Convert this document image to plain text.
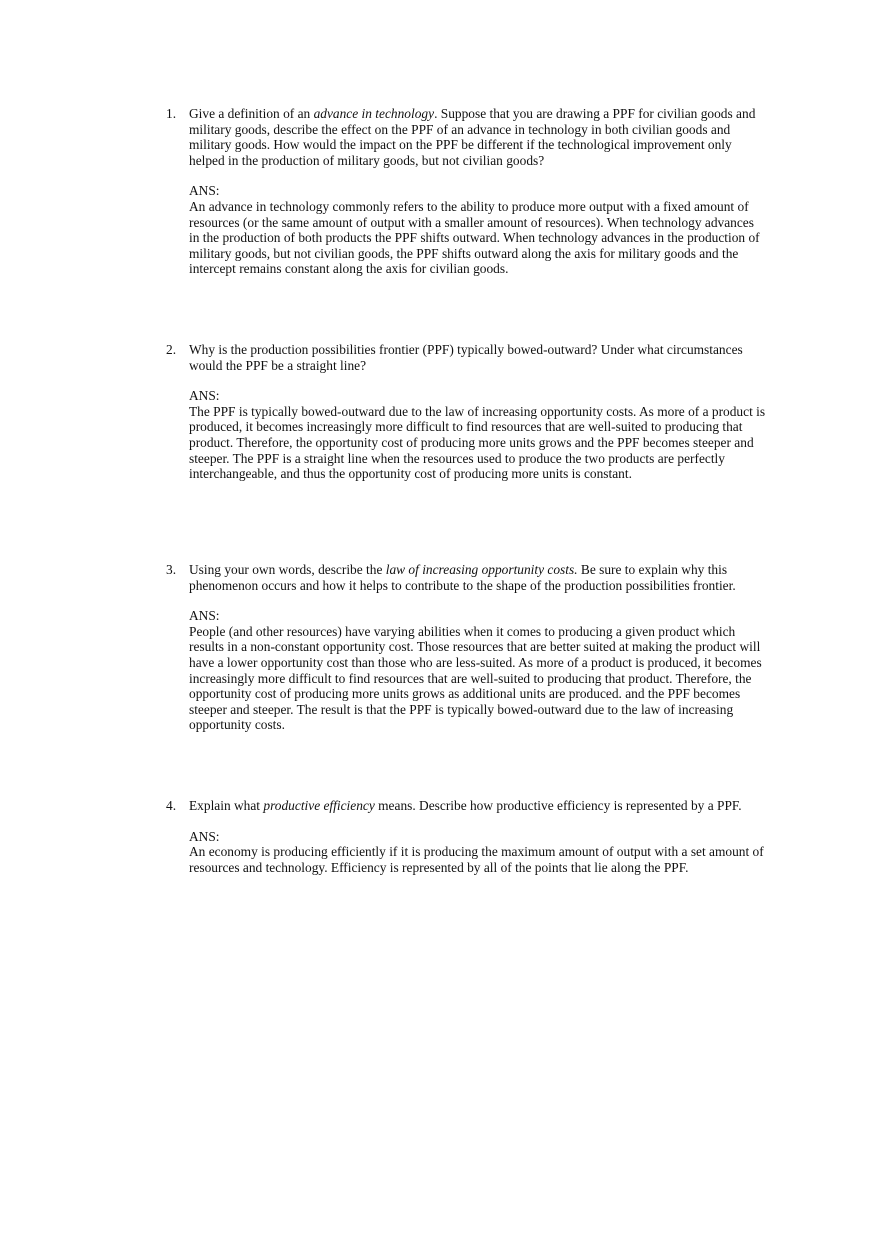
1. Give a definition of an advance in technology. Suppose that you are drawing a PPF for civilian goods and military goods, describe the effect on the PPF of an advance in technology in both civilian goods and military goods. How would the impact on the PPF be different if the technological improvement only helped in the production of military goods, but not civilian goods?
ANS:
An advance in technology commonly refers to the ability to produce more output with a fixed amount of resources (or the same amount of output with a smaller amount of resources). When technology advances in the production of both products the PPF shifts outward. When technology advances in the production of military goods, but not civilian goods, the PPF shifts outward along the axis for military goods and the intercept remains constant along the axis for civilian goods.
2. Why is the production possibilities frontier (PPF) typically bowed-outward? Under what circumstances would the PPF be a straight line?
ANS:
The PPF is typically bowed-outward due to the law of increasing opportunity costs. As more of a product is produced, it becomes increasingly more difficult to find resources that are well-suited to producing that product. Therefore, the opportunity cost of producing more units grows and the PPF becomes steeper and steeper. The PPF is a straight line when the resources used to produce the two products are perfectly interchangeable, and thus the opportunity cost of producing more units is constant.
3. Using your own words, describe the law of increasing opportunity costs. Be sure to explain why this phenomenon occurs and how it helps to contribute to the shape of the production possibilities frontier.
ANS:
People (and other resources) have varying abilities when it comes to producing a given product which results in a non-constant opportunity cost. Those resources that are better suited at making the product will have a lower opportunity cost than those who are less-suited. As more of a product is produced, it becomes increasingly more difficult to find resources that are well-suited to producing that product. Therefore, the opportunity cost of producing more units grows as additional units are produced. and the PPF becomes steeper and steeper. The result is that the PPF is typically bowed-outward due to the law of increasing opportunity costs.
4. Explain what productive efficiency means. Describe how productive efficiency is represented by a PPF.
ANS:
An economy is producing efficiently if it is producing the maximum amount of output with a set amount of resources and technology. Efficiency is represented by all of the points that lie along the PPF.
